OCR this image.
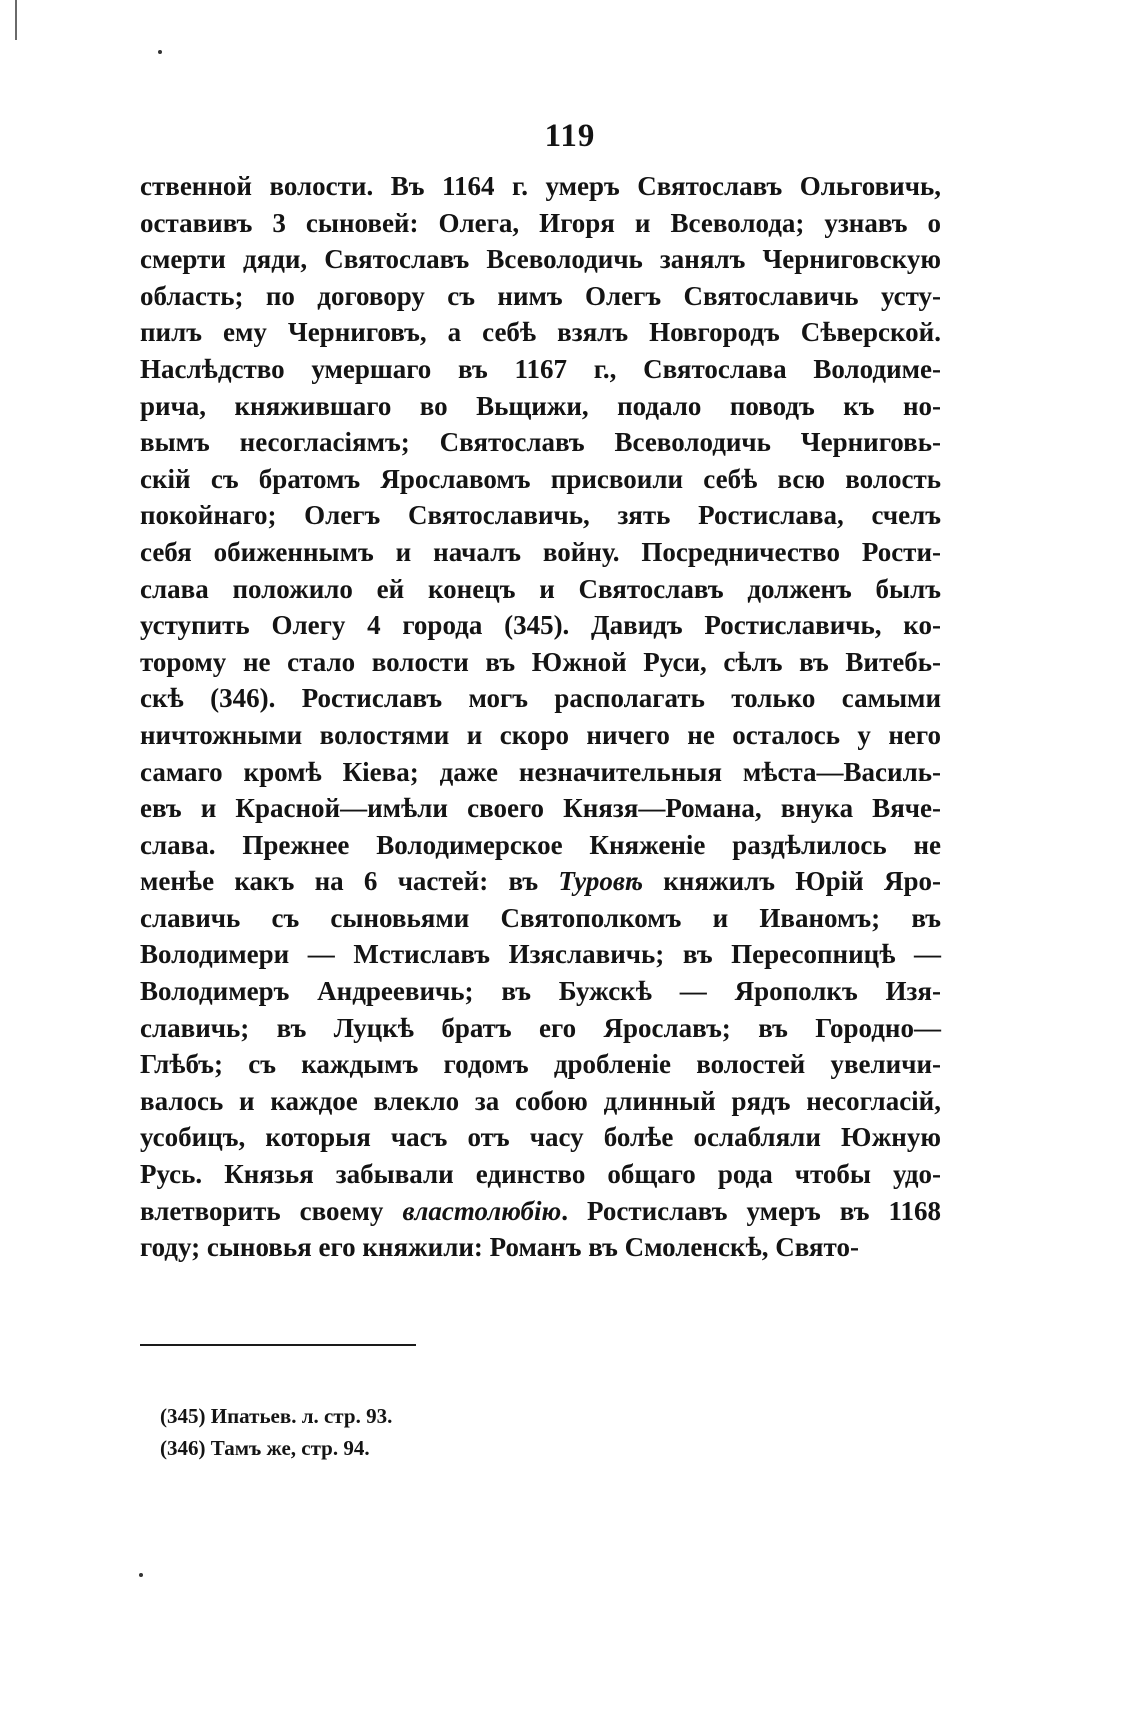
119
ственной волости. Въ 1164 г. умеръ Святославъ Ольговичь,
оставивъ 3 сыновей: Олега, Игоря и Всеволода; узнавъ о
смерти дяди, Святославъ Всеволодичь занялъ Черниговскую
область; по договору съ нимъ Олегъ Святославичь усту-
пилъ ему Черниговъ, а себѣ взялъ Новгородъ Сѣверской.
Наслѣдство умершаго въ 1167 г., Святослава Володиме-
рича, княжившаго во Вьщижи, подало поводъ къ но-
вымъ несогласіямъ; Святославъ Всеволодичь Черниговь-
скій съ братомъ Ярославомъ присвоили себѣ всю волость
покойнаго; Олегъ Святославичь, зять Ростислава, счелъ
себя обиженнымъ и началъ войну. Посредничество Рости-
слава положило ей конецъ и Святославъ долженъ былъ
уступить Олегу 4 города (345). Давидъ Ростиславичь, ко-
торому не стало волости въ Южной Руси, сѣлъ въ Витебь-
скѣ (346). Ростиславъ могъ располагать только самыми
ничтожными волостями и скоро ничего не осталось у него
самаго кромѣ Кіева; даже незначительныя мѣста—Василь-
евъ и Красной—имѣли своего Князя—Романа, внука Вяче-
слава. Прежнее Володимерское Княженіе раздѣлилось не
менѣе какъ на 6 частей: въ Туровѣ княжилъ Юрій Яро-
славичь съ сыновьями Святополкомъ и Иваномъ; въ
Володимери — Мстиславъ Изяславичь; въ Пересопницѣ —
Володимеръ Андреевичь; въ Бужскѣ — Ярополкъ Изя-
славичь; въ Луцкѣ братъ его Ярославъ; въ Городно—
Глѣбъ; съ каждымъ годомъ дробленіе волостей увеличи-
валось и каждое влекло за собою длинный рядъ несогласій,
усобицъ, которыя часъ отъ часу болѣе ослабляли Южную
Русь. Князья забывали единство общаго рода чтобы удо-
влетворить своему властолюбію. Ростиславъ умеръ въ 1168
году; сыновья его княжили: Романъ въ Смоленскѣ, Свято-
(345) Ипатьев. л. стр. 93.
(346) Тамъ же, стр. 94.
